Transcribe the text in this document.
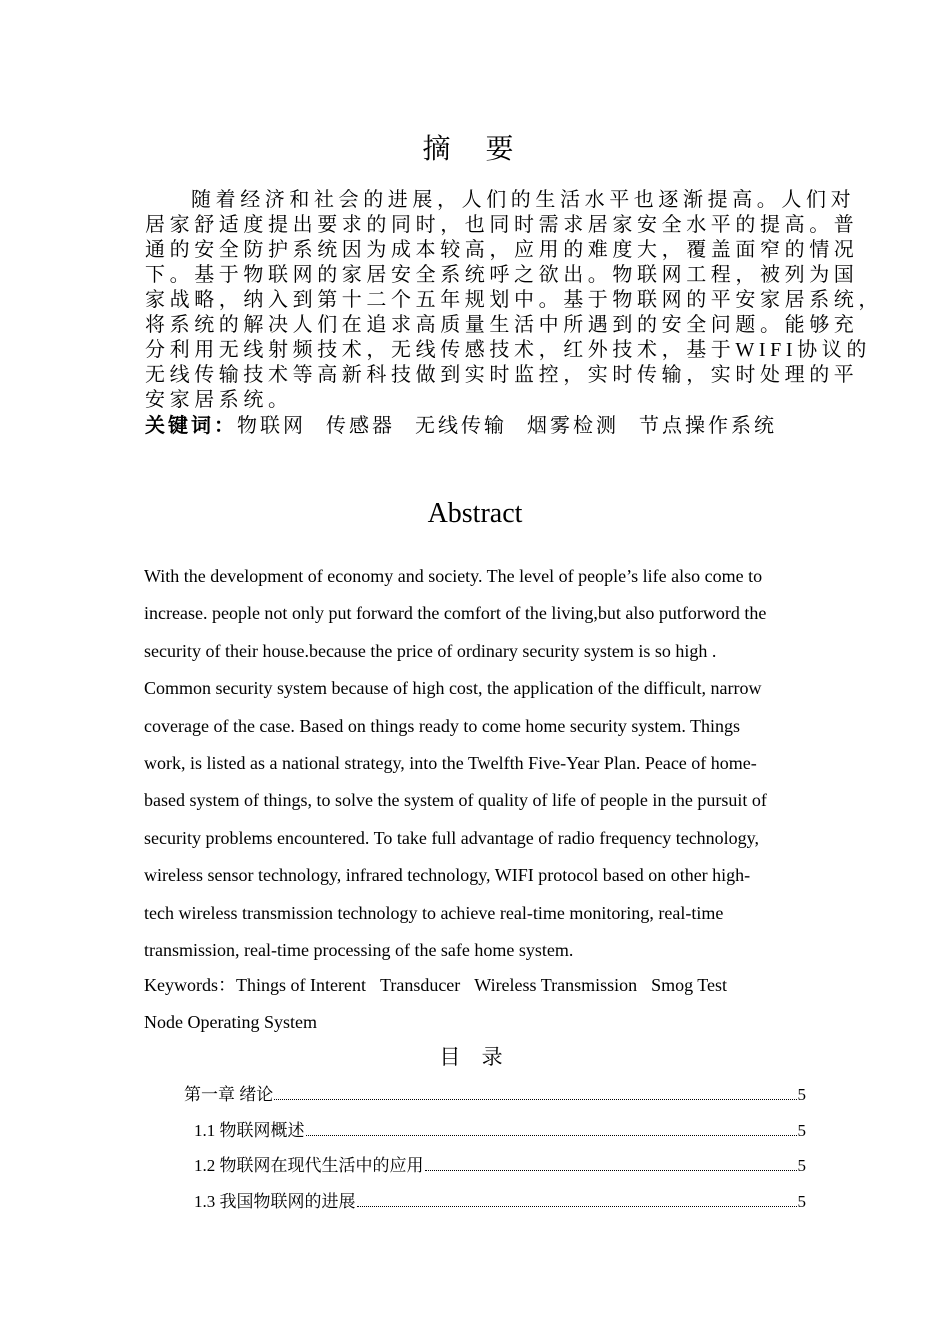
摘 要
随着经济和社会的进展，人们的生活水平也逐渐提高。人们对
居家舒适度提出要求的同时，也同时需求居家安全水平的提高。普
通的安全防护系统因为成本较高，应用的难度大，覆盖面窄的情况
下。基于物联网的家居安全系统呼之欲出。物联网工程，被列为国
家战略，纳入到第十二个五年规划中。基于物联网的平安家居系统，
将系统的解决人们在追求高质量生活中所遇到的安全问题。能够充
分利用无线射频技术，无线传感技术，红外技术，基于WIFI协议的
无线传输技术等高新科技做到实时监控，实时传输，实时处理的平
安家居系统。
关键词：物联网 传感器 无线传输 烟雾检测 节点操作系统
Abstract
With the development of economy and society. The level of people’s life also come to
increase. people not only put forward the comfort of the living,but also putforword the
security of their house.because the price of ordinary security system is so high .
Common security system because of high cost, the application of the difficult, narrow
coverage of the case. Based on things ready to come home security system. Things
work, is listed as a national strategy, into the Twelfth Five-Year Plan. Peace of home-
based system of things, to solve the system of quality of life of people in the pursuit of
security problems encountered. To take full advantage of radio frequency technology,
wireless sensor technology, infrared technology, WIFI protocol based on other high-
tech wireless transmission technology to achieve real-time monitoring, real-time
transmission, real-time processing of the safe home system.
Keywords：Things of Interent Transducer Wireless Transmission Smog Test
Node Operating System
目 录
第一章 绪论	5
1.1 物联网概述	5
1.2 物联网在现代生活中的应用	5
1.3 我国物联网的进展	5
